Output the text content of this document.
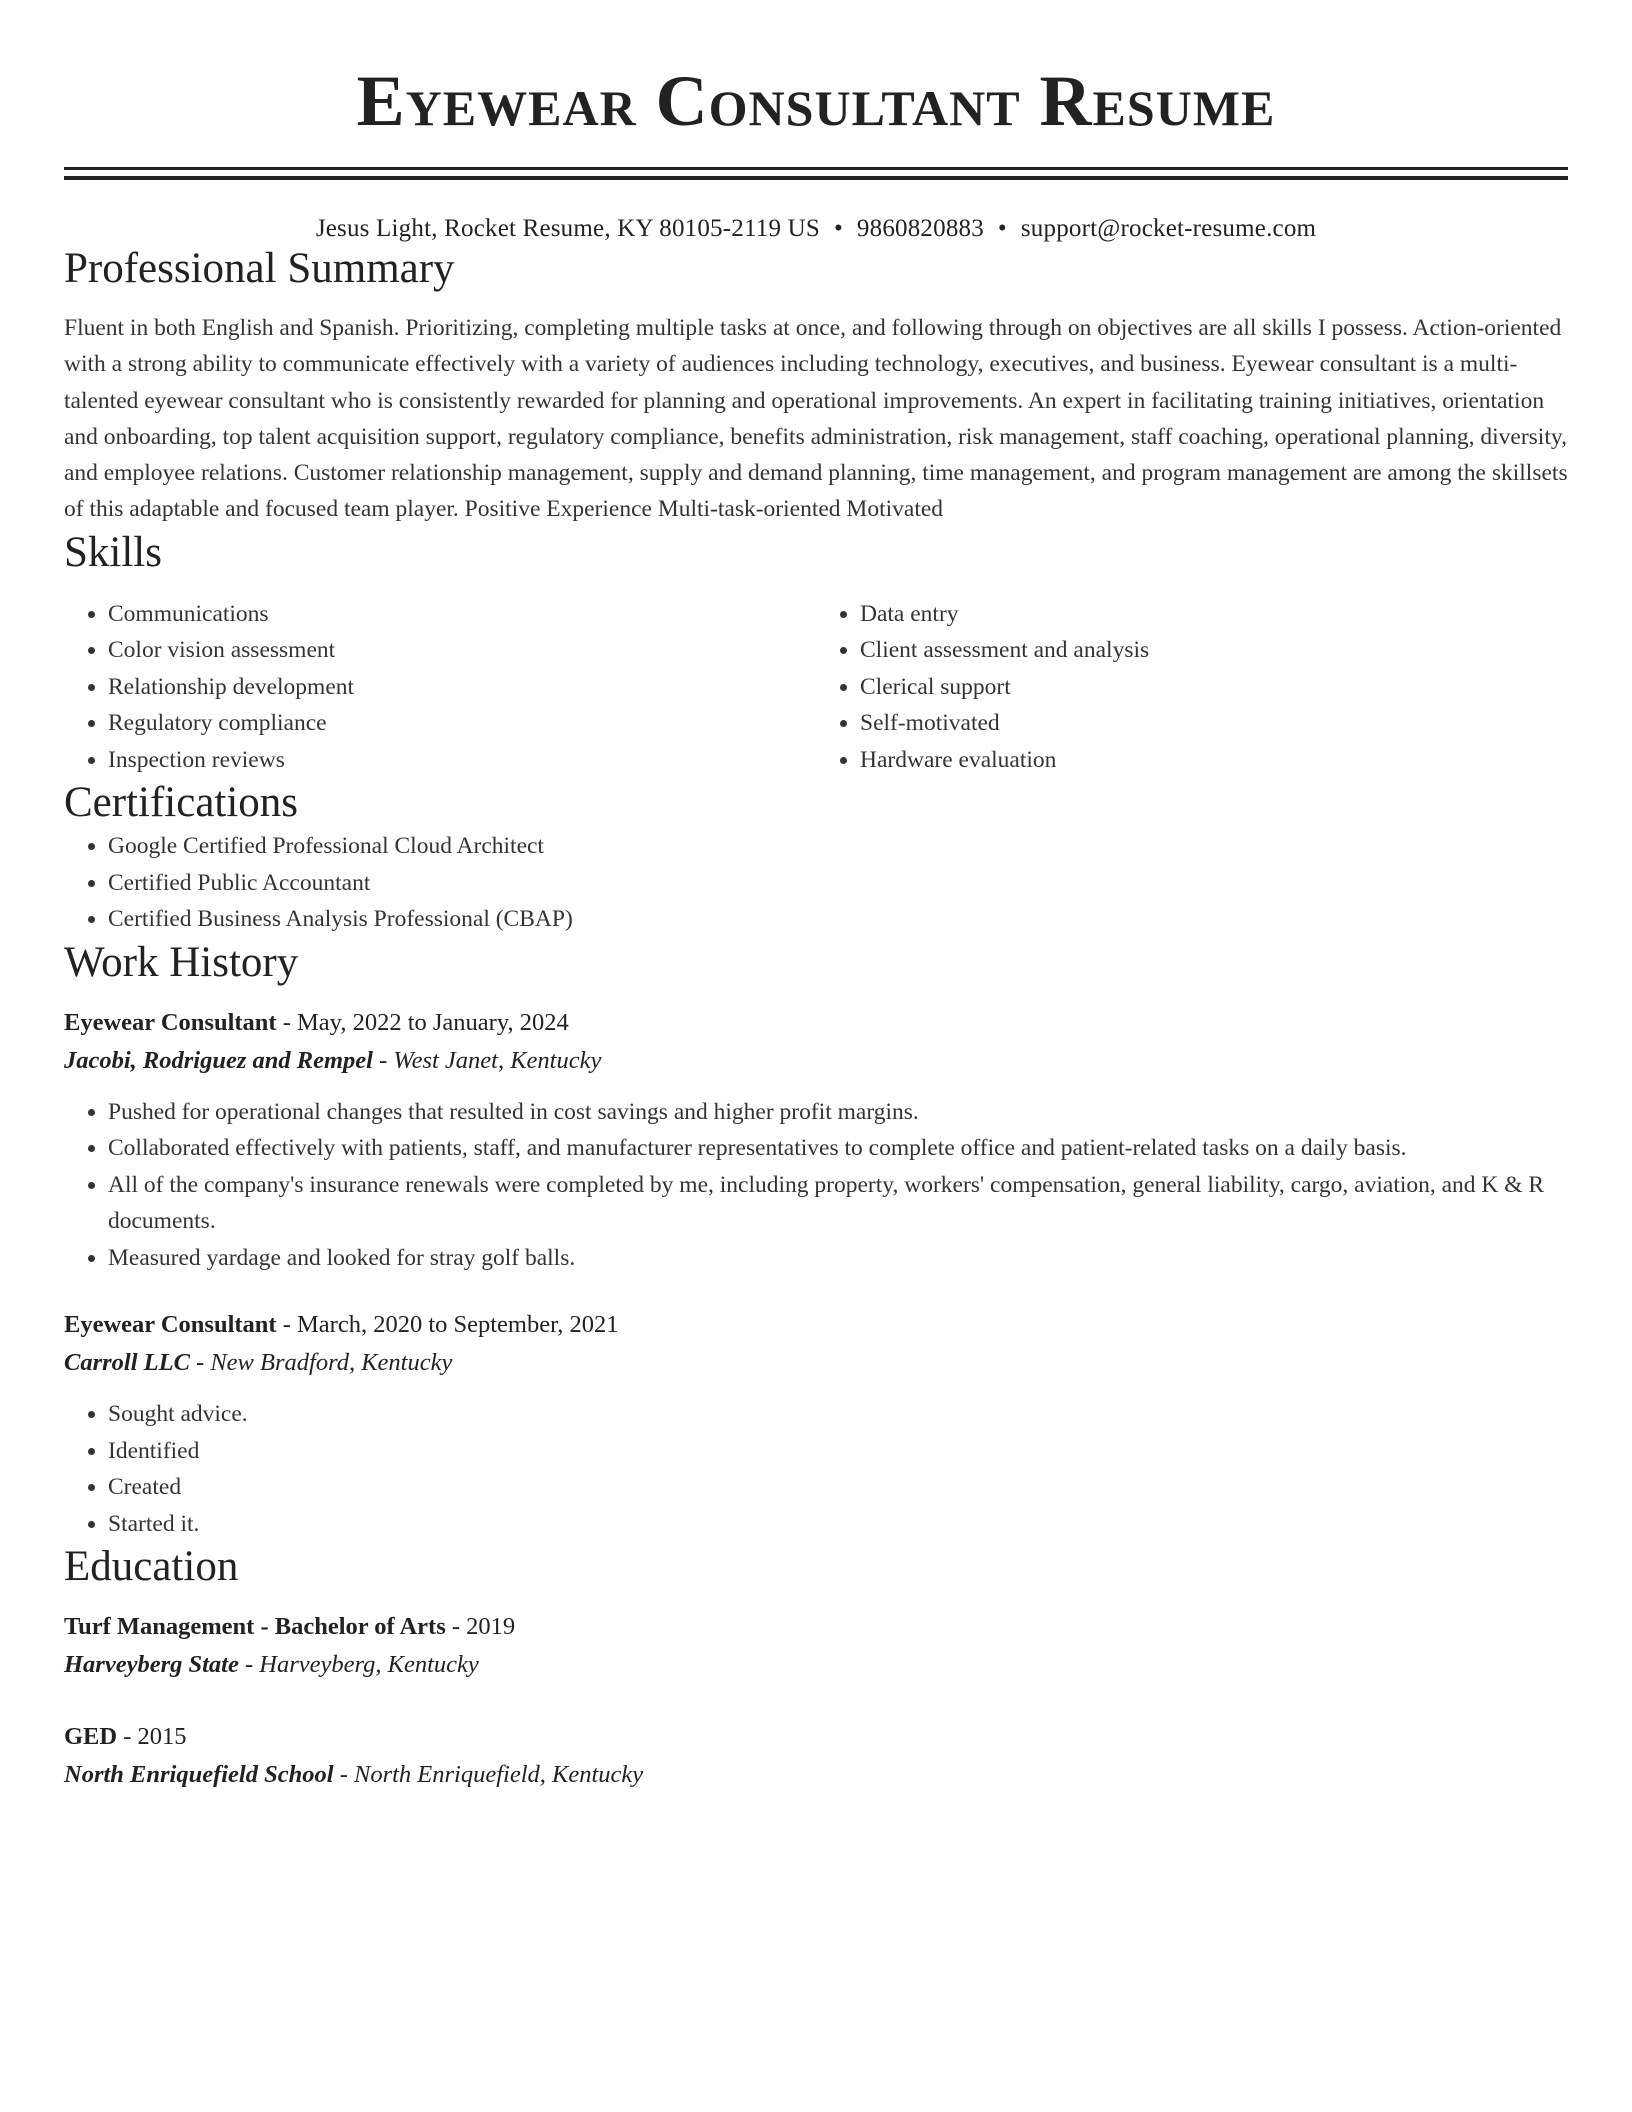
Eyewear Consultant Resume
Jesus Light, Rocket Resume, KY 80105-2119 US • 9860820883 • support@rocket-resume.com
Professional Summary
Fluent in both English and Spanish. Prioritizing, completing multiple tasks at once, and following through on objectives are all skills I possess. Action-oriented with a strong ability to communicate effectively with a variety of audiences including technology, executives, and business. Eyewear consultant is a multi-talented eyewear consultant who is consistently rewarded for planning and operational improvements. An expert in facilitating training initiatives, orientation and onboarding, top talent acquisition support, regulatory compliance, benefits administration, risk management, staff coaching, operational planning, diversity, and employee relations. Customer relationship management, supply and demand planning, time management, and program management are among the skillsets of this adaptable and focused team player. Positive Experience Multi-task-oriented Motivated
Skills
• Communications
• Color vision assessment
• Relationship development
• Regulatory compliance
• Inspection reviews
• Data entry
• Client assessment and analysis
• Clerical support
• Self-motivated
• Hardware evaluation
Certifications
• Google Certified Professional Cloud Architect
• Certified Public Accountant
• Certified Business Analysis Professional (CBAP)
Work History
Eyewear Consultant - May, 2022 to January, 2024
Jacobi, Rodriguez and Rempel - West Janet, Kentucky
• Pushed for operational changes that resulted in cost savings and higher profit margins.
• Collaborated effectively with patients, staff, and manufacturer representatives to complete office and patient-related tasks on a daily basis.
• All of the company's insurance renewals were completed by me, including property, workers' compensation, general liability, cargo, aviation, and K & R documents.
• Measured yardage and looked for stray golf balls.
Eyewear Consultant - March, 2020 to September, 2021
Carroll LLC - New Bradford, Kentucky
• Sought advice.
• Identified
• Created
• Started it.
Education
Turf Management - Bachelor of Arts - 2019
Harveyberg State - Harveyberg, Kentucky
GED - 2015
North Enriquefield School - North Enriquefield, Kentucky
